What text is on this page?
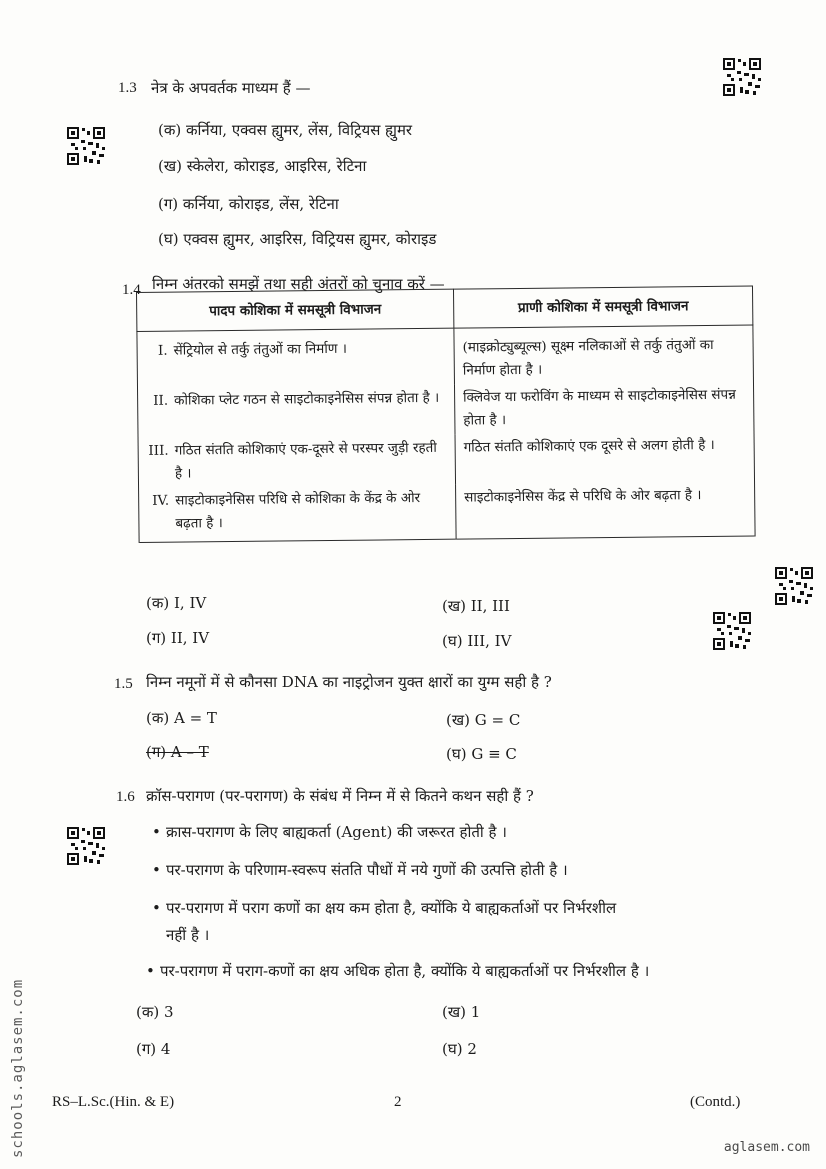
1.3 नेत्र के अपवर्तक माध्यम हैं —
(क) कर्निया, एक्वस ह्युमर, लेंस, विट्रियस ह्युमर
(ख) स्केलेरा, कोराइड, आइरिस, रेटिना
(ग) कर्निया, कोराइड, लेंस, रेटिना
(घ) एक्वस ह्युमर, आइरिस, विट्रियस ह्युमर, कोराइड
1.4 निम्न अंतरको समझें तथा सही अंतरों को चुनाव करें —
पादप कोशिका में समसूत्री विभाजन	प्राणी कोशिका में समसूत्री विभाजन

I. सेंट्रियोल से तर्कु तंतुओं का निर्माण ।	(माइक्रोट्युब्यूल्स) सूक्ष्म नलिकाओं से तर्कु तंतुओं का निर्माण होता है ।

II. कोशिका प्लेट गठन से साइटोकाइनेसिस संपन्न होता है ।	क्लिवेज या फरोविंग के माध्यम से साइटोकाइनेसिस संपन्न होता है ।

III. गठित संतति कोशिकाएं एक-दूसरे से परस्पर जुड़ी रहती है ।	गठित संतति कोशिकाएं एक दूसरे से अलग होती है ।

IV. साइटोकाइनेसिस परिधि से कोशिका के केंद्र के ओर बढ़ता है ।	साइटोकाइनेसिस केंद्र से परिधि के ओर बढ़ता है ।
(क) I, IV	(ख) II, III
(ग) II, IV	(घ) III, IV
1.5 निम्न नमूनों में से कौनसा DNA का नाइट्रोजन युक्त क्षारों का युग्म सही है ?
(क) A = T	(ख) G = C
(ग) A – T	(घ) G ≡ C
1.6 क्रॉस-परागण (पर-परागण) के संबंध में निम्न में से कितने कथन सही हैं ?
• क्रास-परागण के लिए बाह्यकर्ता (Agent) की जरूरत होती है ।
• पर-परागण के परिणाम-स्वरूप संतति पौधों में नये गुणों की उत्पत्ति होती है ।
• पर-परागण में पराग कणों का क्षय कम होता है, क्योंकि ये बाह्यकर्ताओं पर निर्भरशील
नहीं है ।
• पर-परागण में पराग-कणों का क्षय अधिक होता है, क्योंकि ये बाह्यकर्ताओं पर निर्भरशील है ।
(क) 3	(ख) 1
(ग) 4	(घ) 2
RS–L.Sc.(Hin. & E)	2	(Contd.)
schools.aglasem.com	aglasem.com
